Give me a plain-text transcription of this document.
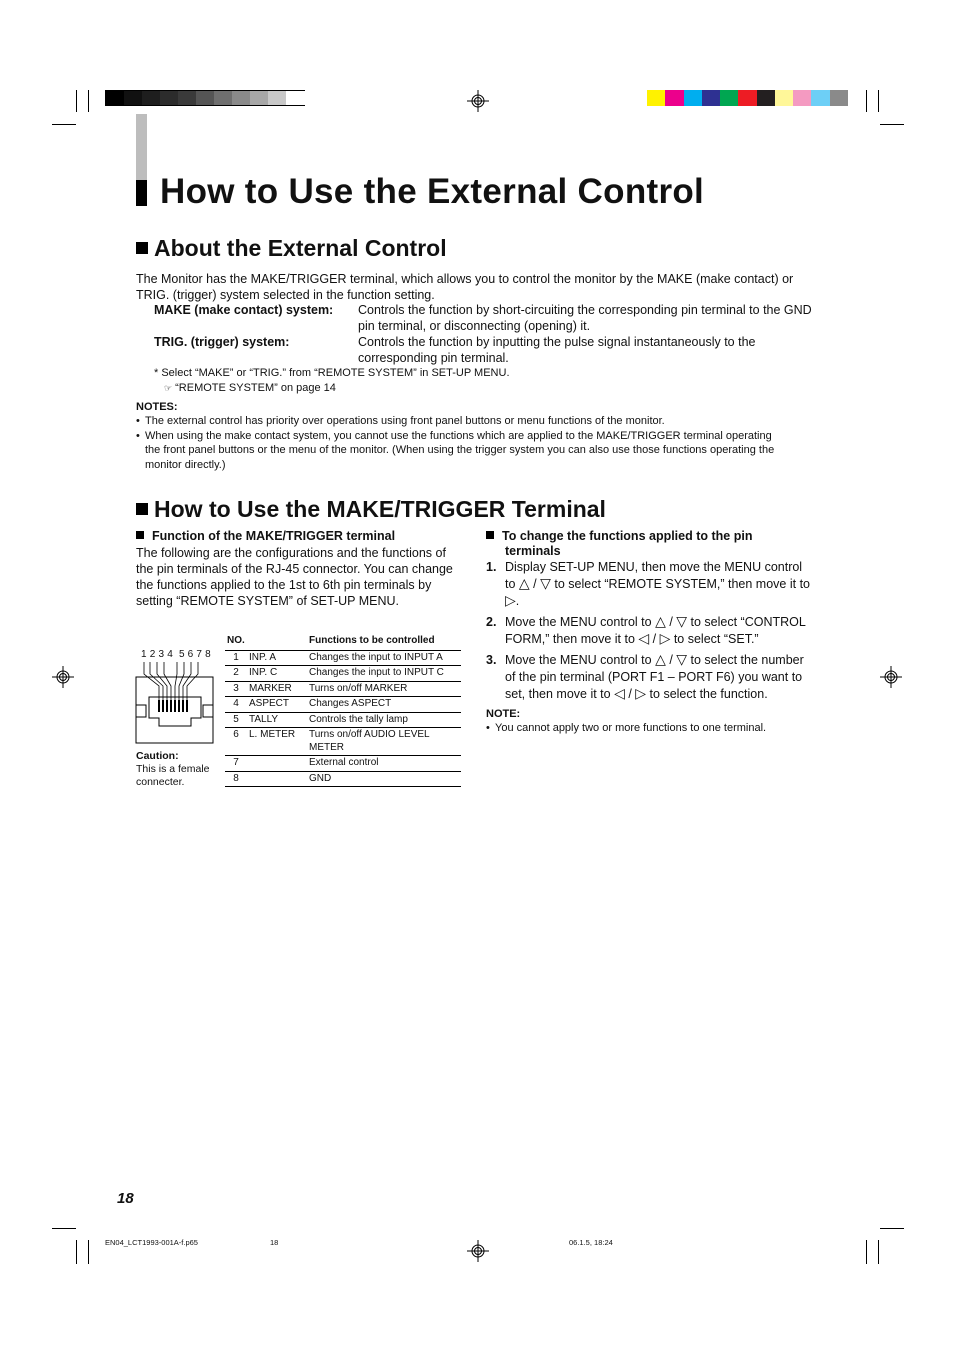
How to Use the External Control
About the External Control
The Monitor has the MAKE/TRIGGER terminal, which allows you to control the monitor by the MAKE (make contact) or TRIG. (trigger) system selected in the function setting.
MAKE (make contact) system: Controls the function by short-circuiting the corresponding pin terminal to the GND pin terminal, or disconnecting (opening) it.
TRIG. (trigger) system:	Controls the function by inputting the pulse signal instantaneously to the corresponding pin terminal.
* Select “MAKE” or “TRIG.” from “REMOTE SYSTEM” in SET-UP MENU.
☞ “REMOTE SYSTEM” on page 14
NOTES:
• The external control has priority over operations using front panel buttons or menu functions of the monitor.
• When using the make contact system, you cannot use the functions which are applied to the MAKE/TRIGGER terminal operating the front panel buttons or the menu of the monitor. (When using the trigger system you can also use those functions operating the monitor directly.)
How to Use the MAKE/TRIGGER Terminal
Function of the MAKE/TRIGGER terminal
The following are the configurations and the functions of the pin terminals of the RJ-45 connector. You can change the functions applied to the 1st to 6th pin terminals by setting “REMOTE SYSTEM” of SET-UP MENU.
1 2 3 4  5 6 7 8
Caution:
This is a female connecter.
NO.		Functions to be controlled
1	INP. A	Changes the input to INPUT A
2	INP. C	Changes the input to INPUT C
3	MARKER	Turns on/off MARKER
4	ASPECT	Changes ASPECT
5	TALLY	Controls the tally lamp
6	L. METER	Turns on/off AUDIO LEVEL METER
7		External control
8		GND
To change the functions applied to the pin terminals
1. Display SET-UP MENU, then move the MENU control to △ / ▽ to select “REMOTE SYSTEM,” then move it to ▷.
2. Move the MENU control to △ / ▽ to select “CONTROL FORM,” then move it to ◁ / ▷ to select “SET.”
3. Move the MENU control to △ / ▽ to select the number of the pin terminal (PORT F1 – PORT F6) you want to set, then move it to ◁ / ▷ to select the function.
NOTE:
• You cannot apply two or more functions to one terminal.
18
EN04_LCT1993-001A-f.p65	18	06.1.5, 18:24
